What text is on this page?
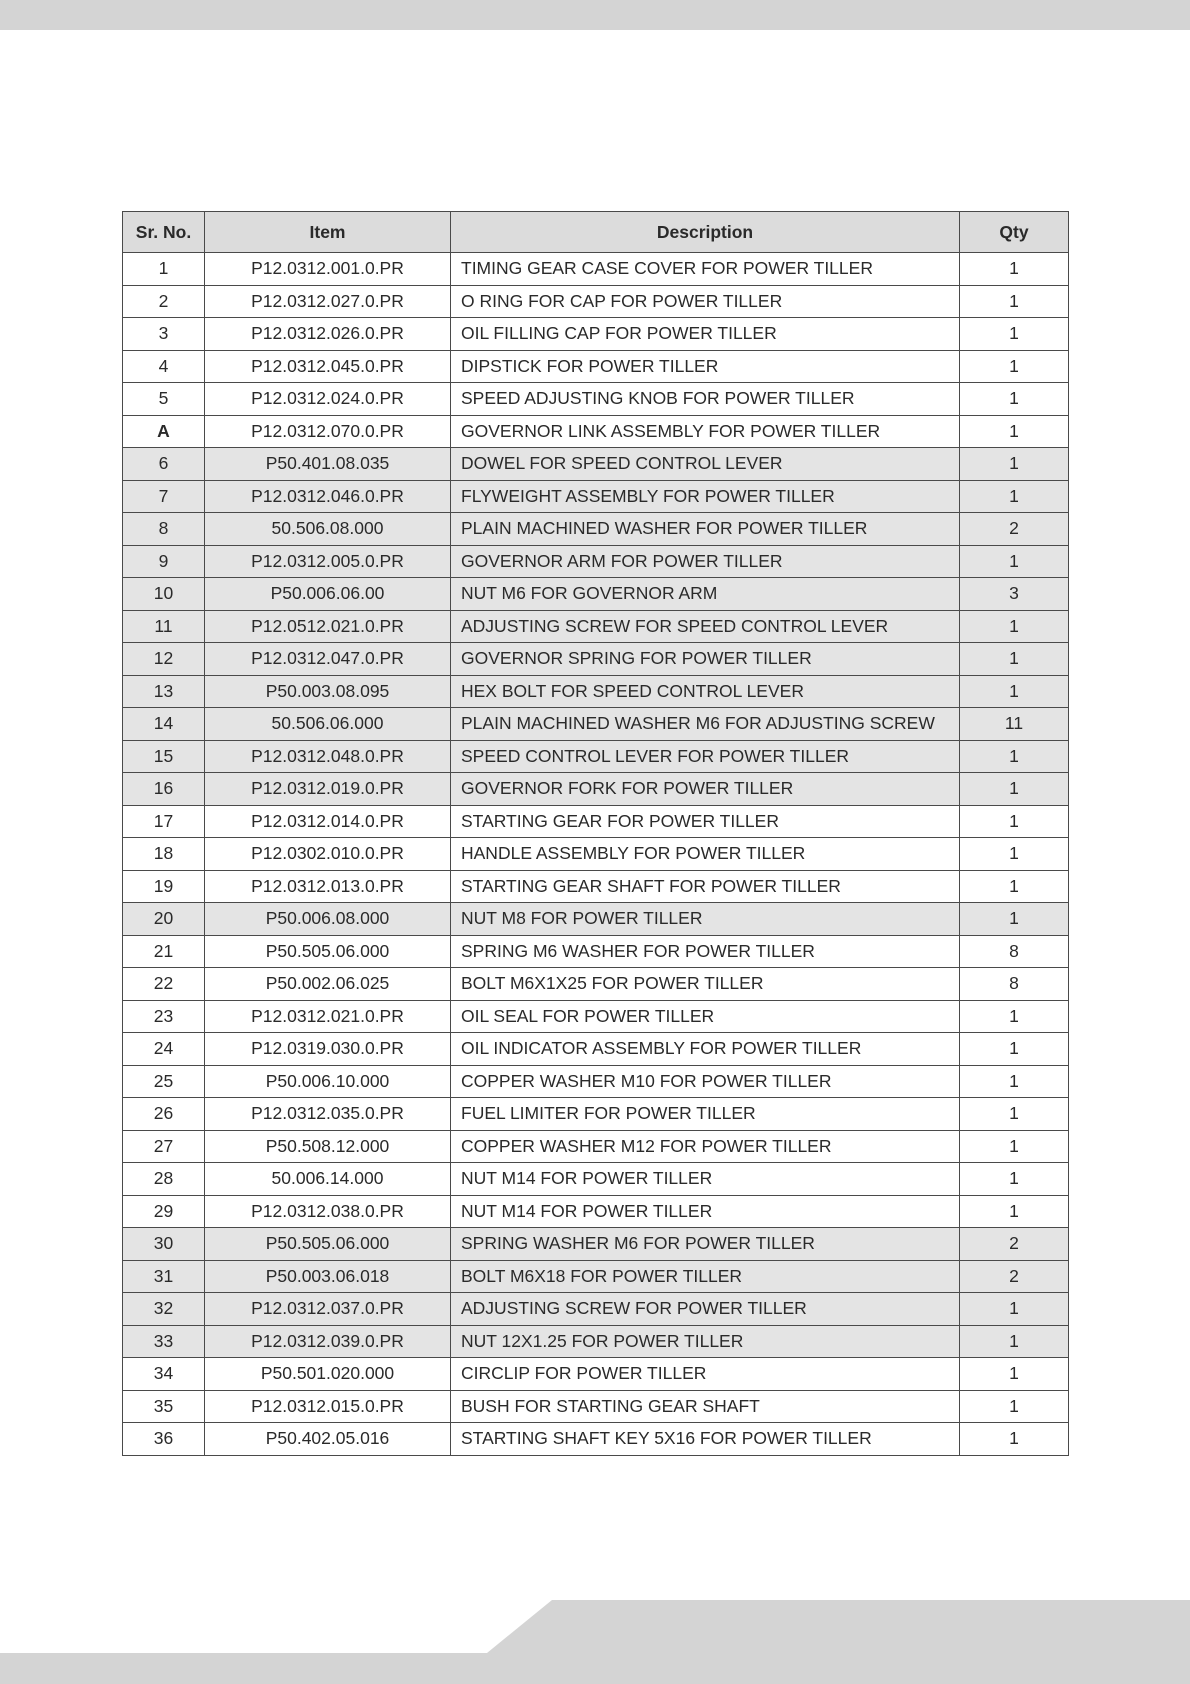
Sr. No.	Item	Description	Qty
1	P12.0312.001.0.PR	TIMING GEAR CASE COVER FOR POWER TILLER	1
2	P12.0312.027.0.PR	O RING FOR CAP FOR POWER TILLER	1
3	P12.0312.026.0.PR	OIL FILLING CAP FOR POWER TILLER	1
4	P12.0312.045.0.PR	DIPSTICK FOR POWER TILLER	1
5	P12.0312.024.0.PR	SPEED ADJUSTING KNOB FOR POWER TILLER	1
A	P12.0312.070.0.PR	GOVERNOR LINK ASSEMBLY FOR POWER TILLER	1
6	P50.401.08.035	DOWEL FOR SPEED CONTROL LEVER	1
7	P12.0312.046.0.PR	FLYWEIGHT ASSEMBLY FOR POWER TILLER	1
8	50.506.08.000	PLAIN MACHINED WASHER FOR POWER TILLER	2
9	P12.0312.005.0.PR	GOVERNOR ARM FOR POWER TILLER	1
10	P50.006.06.00	NUT M6 FOR GOVERNOR ARM	3
11	P12.0512.021.0.PR	ADJUSTING SCREW FOR SPEED CONTROL LEVER	1
12	P12.0312.047.0.PR	GOVERNOR SPRING FOR POWER TILLER	1
13	P50.003.08.095	HEX BOLT FOR SPEED CONTROL LEVER	1
14	50.506.06.000	PLAIN MACHINED WASHER M6 FOR ADJUSTING SCREW	11
15	P12.0312.048.0.PR	SPEED CONTROL LEVER FOR POWER TILLER	1
16	P12.0312.019.0.PR	GOVERNOR FORK FOR POWER TILLER	1
17	P12.0312.014.0.PR	STARTING GEAR FOR POWER TILLER	1
18	P12.0302.010.0.PR	HANDLE ASSEMBLY FOR POWER TILLER	1
19	P12.0312.013.0.PR	STARTING GEAR SHAFT FOR POWER TILLER	1
20	P50.006.08.000	NUT M8 FOR POWER TILLER	1
21	P50.505.06.000	SPRING M6 WASHER FOR POWER TILLER	8
22	P50.002.06.025	BOLT M6X1X25 FOR POWER TILLER	8
23	P12.0312.021.0.PR	OIL SEAL FOR POWER TILLER	1
24	P12.0319.030.0.PR	OIL INDICATOR ASSEMBLY FOR POWER TILLER	1
25	P50.006.10.000	COPPER WASHER M10 FOR POWER TILLER	1
26	P12.0312.035.0.PR	FUEL LIMITER FOR POWER TILLER	1
27	P50.508.12.000	COPPER WASHER M12 FOR POWER TILLER	1
28	50.006.14.000	NUT M14 FOR POWER TILLER	1
29	P12.0312.038.0.PR	NUT M14 FOR POWER TILLER	1
30	P50.505.06.000	SPRING WASHER M6 FOR POWER TILLER	2
31	P50.003.06.018	BOLT M6X18 FOR POWER TILLER	2
32	P12.0312.037.0.PR	ADJUSTING SCREW FOR POWER TILLER	1
33	P12.0312.039.0.PR	NUT 12X1.25 FOR POWER TILLER	1
34	P50.501.020.000	CIRCLIP FOR POWER TILLER	1
35	P12.0312.015.0.PR	BUSH FOR STARTING GEAR SHAFT	1
36	P50.402.05.016	STARTING SHAFT KEY 5X16 FOR POWER TILLER	1
